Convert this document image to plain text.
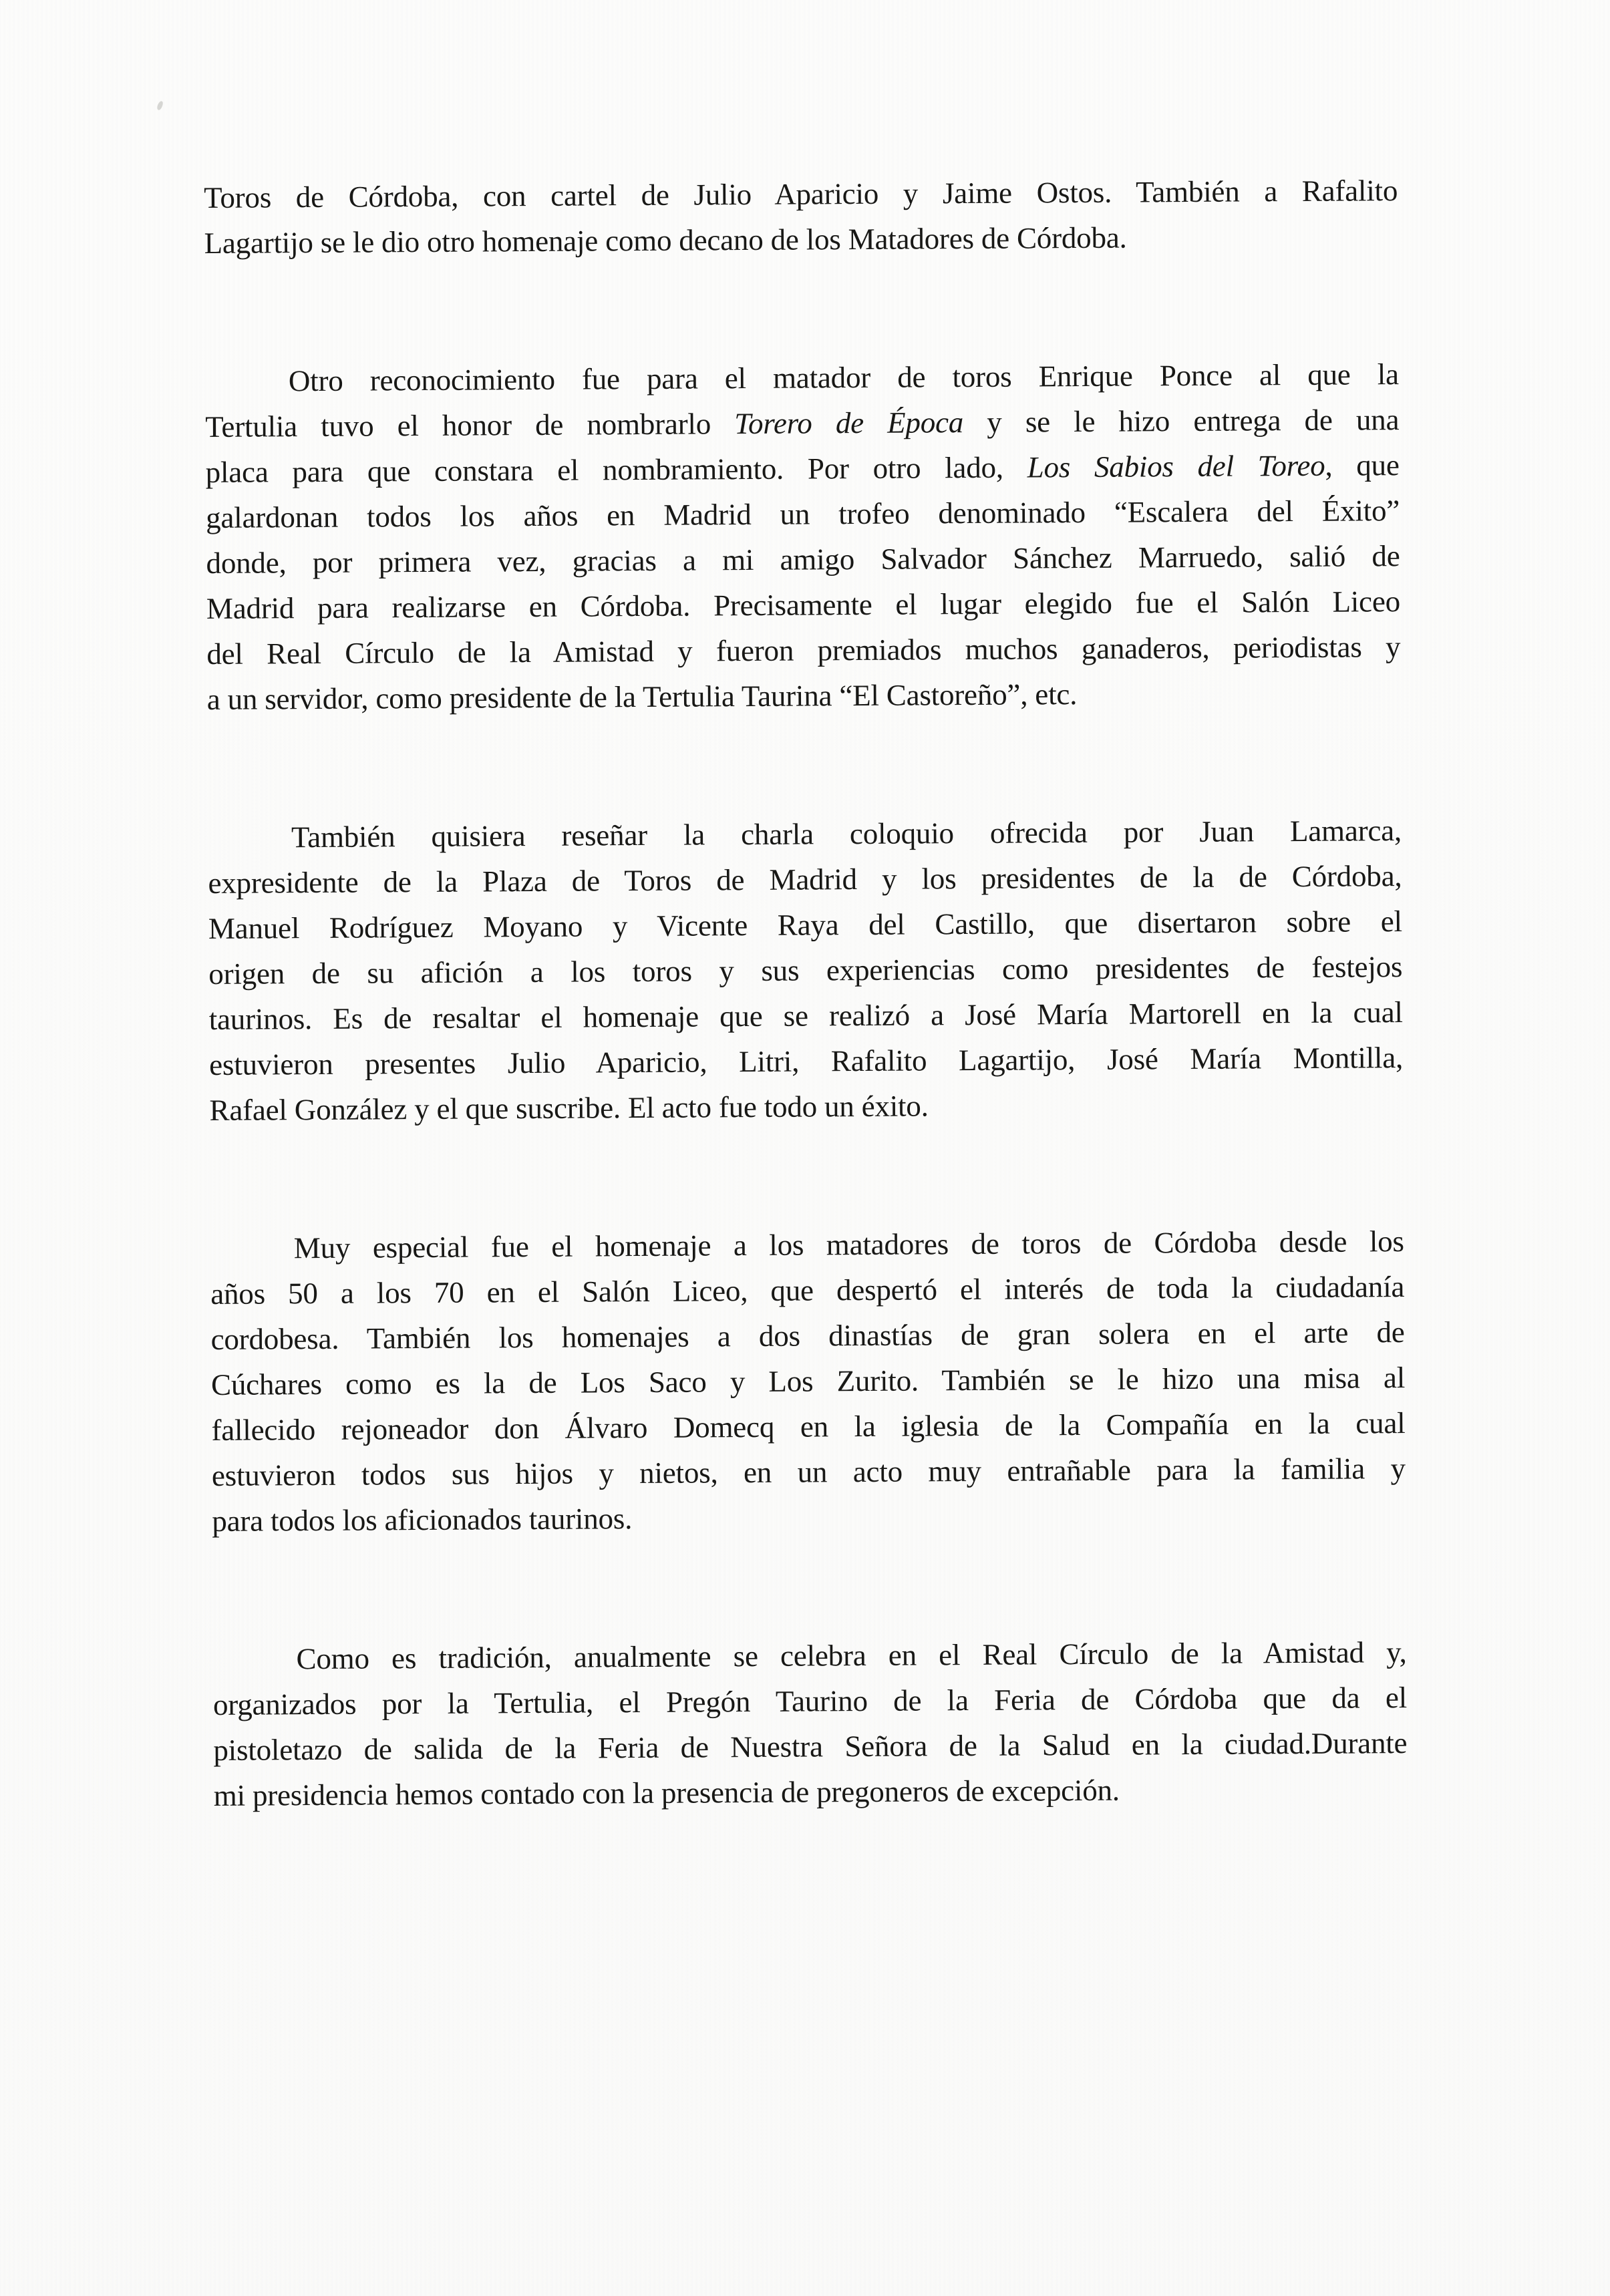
Toros de Córdoba, con cartel de Julio Aparicio y Jaime Ostos. También a Rafalito
Lagartijo se le dio otro homenaje como decano de los Matadores de Córdoba.
Otro reconocimiento fue para el matador de toros Enrique Ponce al que la
Tertulia tuvo el honor de nombrarlo Torero de Época y se le hizo entrega de una
placa para que constara el nombramiento. Por otro lado, Los Sabios del Toreo, que
galardonan todos los años en Madrid un trofeo denominado “Escalera del Éxito”
donde, por primera vez, gracias a mi amigo Salvador Sánchez Marruedo, salió de
Madrid para realizarse en Córdoba. Precisamente el lugar elegido fue el Salón Liceo
del Real Círculo de la Amistad y fueron premiados muchos ganaderos, periodistas y
a un servidor, como presidente de la Tertulia Taurina “El Castoreño”, etc.
También quisiera reseñar la charla coloquio ofrecida por Juan Lamarca,
expresidente de la Plaza de Toros de Madrid y los presidentes de la de Córdoba,
Manuel Rodríguez Moyano y Vicente Raya del Castillo, que disertaron sobre el
origen de su afición a los toros y sus experiencias como presidentes de festejos
taurinos. Es de resaltar el homenaje que se realizó a José María Martorell en la cual
estuvieron presentes Julio Aparicio, Litri, Rafalito Lagartijo, José María Montilla,
Rafael González y el que suscribe. El acto fue todo un éxito.
Muy especial fue el homenaje a los matadores de toros de Córdoba desde los
años 50 a los 70 en el Salón Liceo, que despertó el interés de toda la ciudadanía
cordobesa. También los homenajes a dos dinastías de gran solera en el arte de
Cúchares como es la de Los Saco y Los Zurito. También se le hizo una misa al
fallecido rejoneador don Álvaro Domecq en la iglesia de la Compañía en la cual
estuvieron todos sus hijos y nietos, en un acto muy entrañable para la familia y
para todos los aficionados taurinos.
Como es tradición, anualmente se celebra en el Real Círculo de la Amistad y,
organizados por la Tertulia, el Pregón Taurino de la Feria de Córdoba que da el
pistoletazo de salida de la Feria de Nuestra Señora de la Salud en la ciudad.Durante
mi presidencia hemos contado con la presencia de pregoneros de excepción.
